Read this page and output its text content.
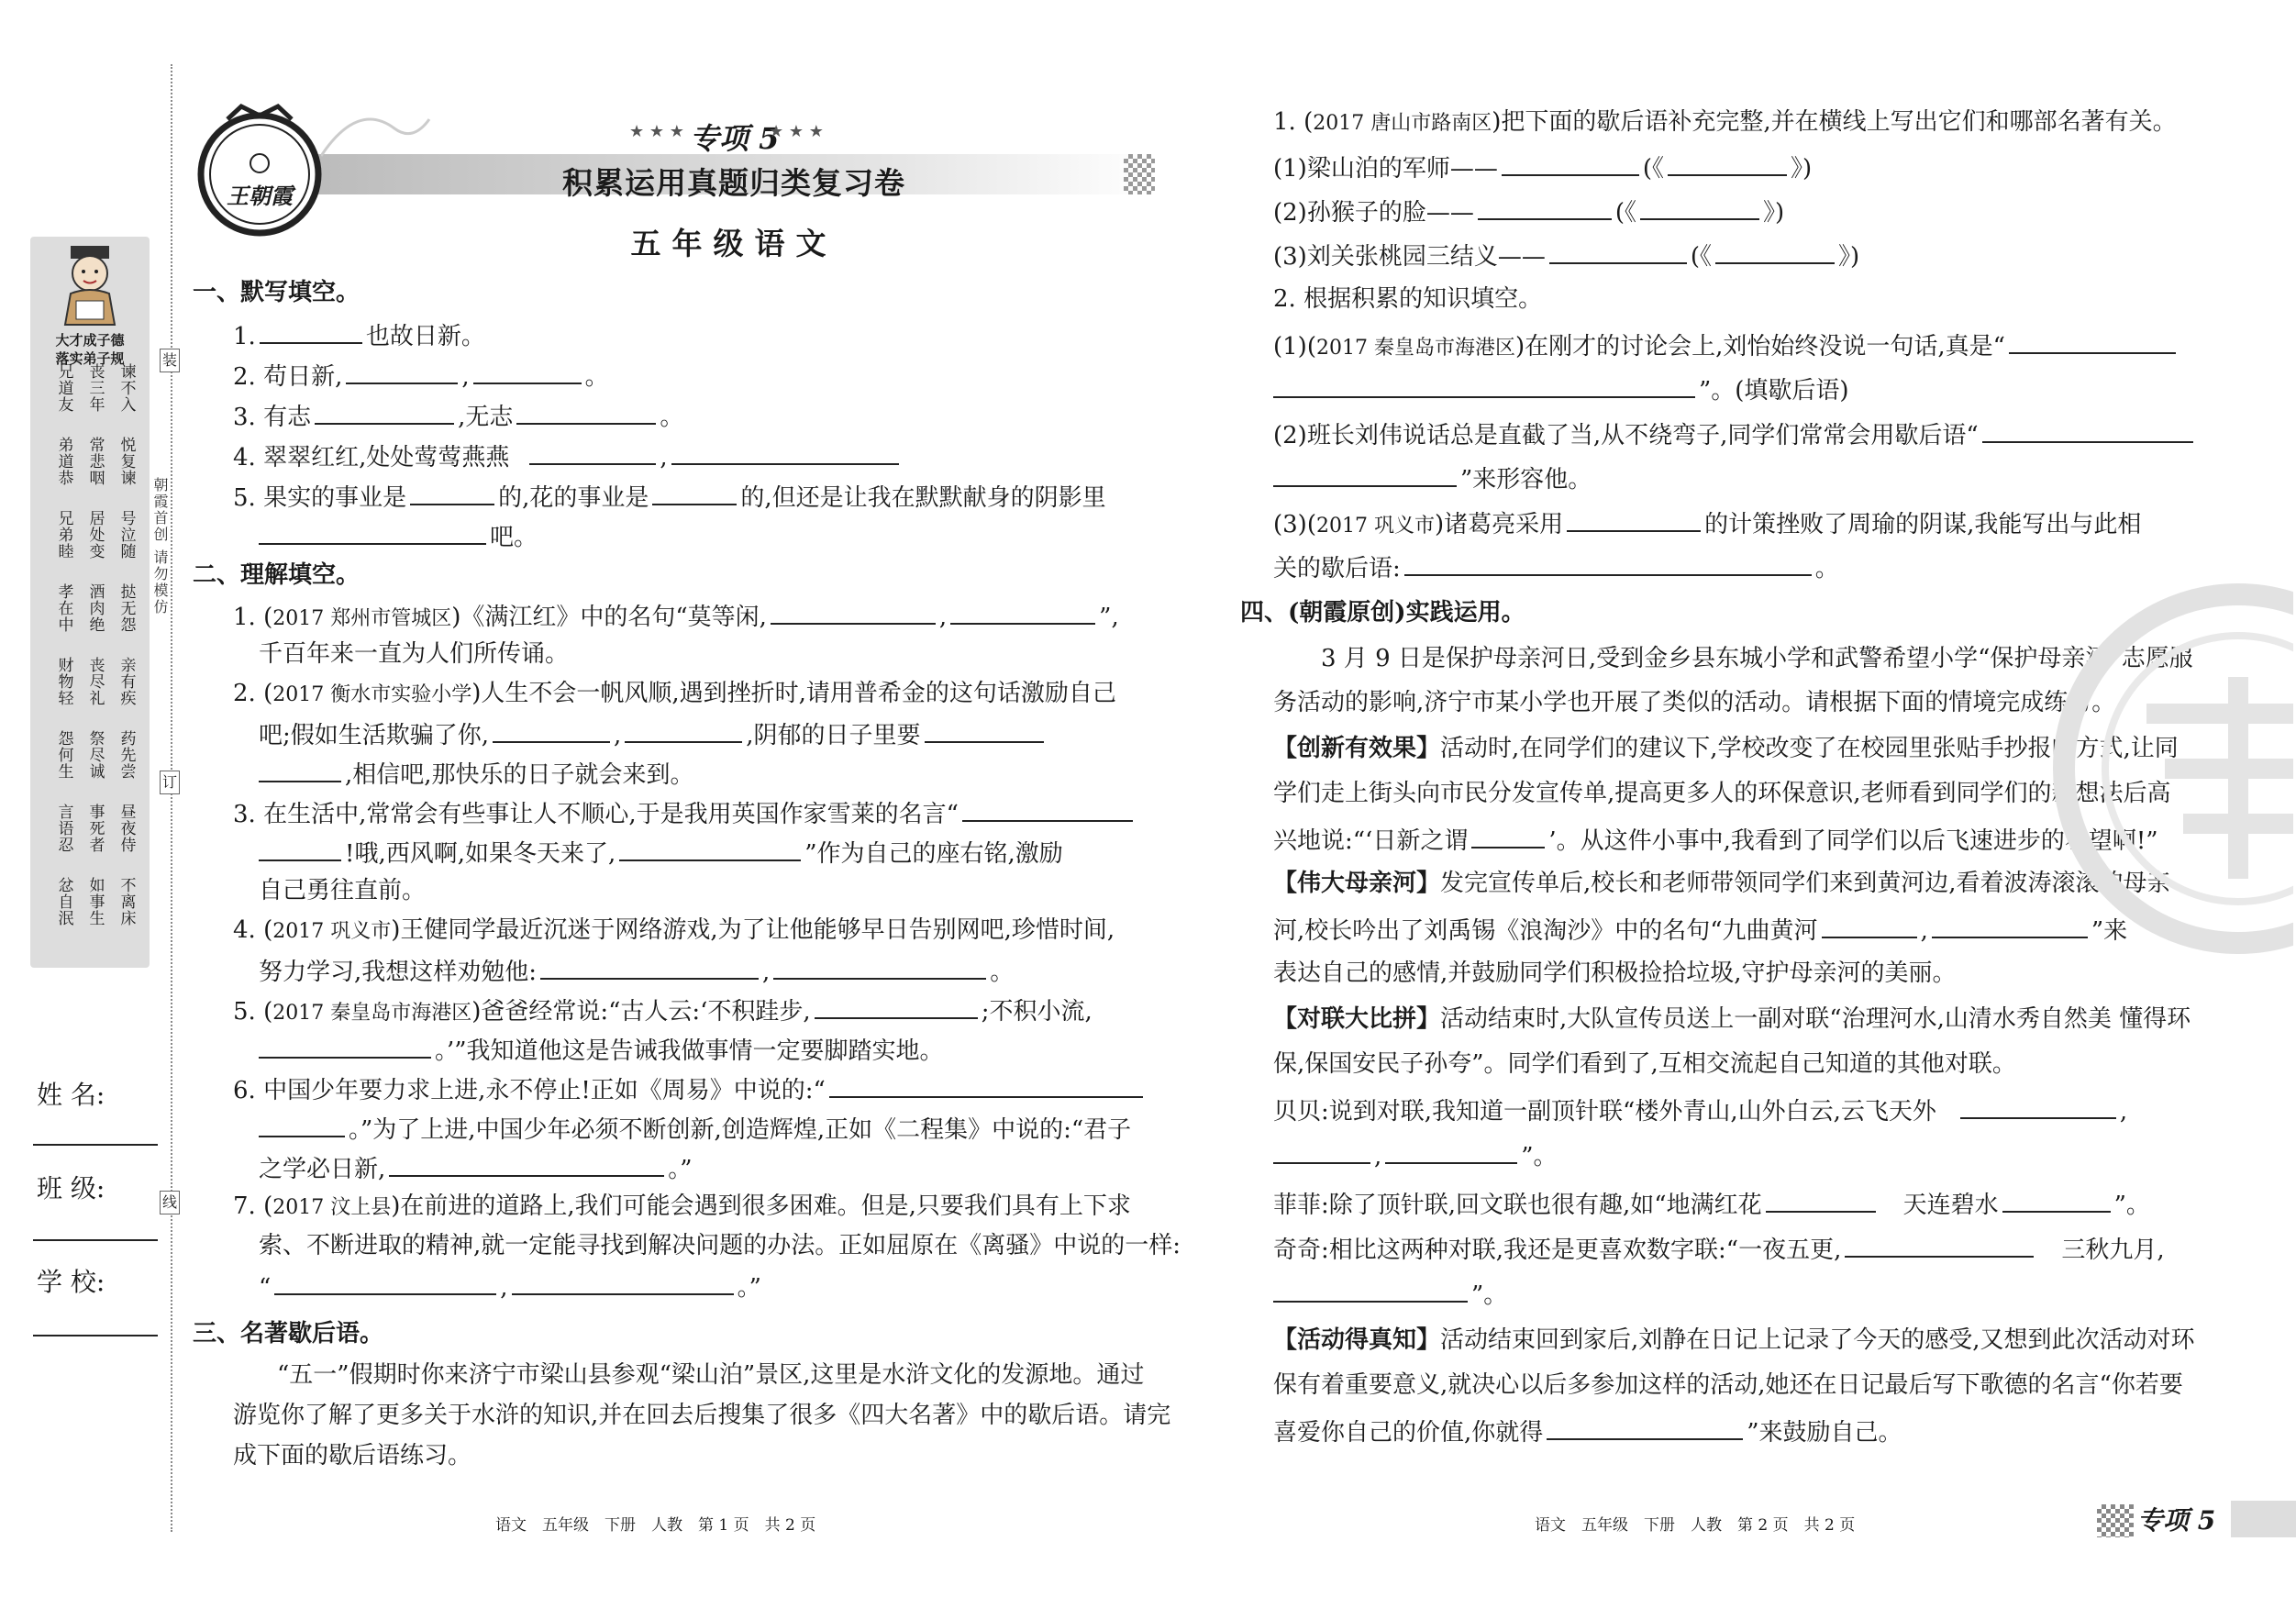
装
订
线
朝霞首创 请勿模仿
大才成子德
落实弟子规
兄
道
友
丧
三
年
谏
不
入
弟
道
恭
常
悲
咽
悦
复
谏
兄
弟
睦
居
处
变
号
泣
随
孝
在
中
酒
肉
绝
挞
无
怨
财
物
轻
丧
尽
礼
亲
有
疾
怨
何
生
祭
尽
诚
药
先
尝
言
语
忍
事
死
者
昼
夜
侍
忿
自
泯
如
事
生
不
离
床
姓 名:
班 级:
学 校:
王朝霞
★ ★ ★ 专项 5
★ ★ ★
积累运用真题归类复习卷
五年级语文
一、默写填空。
1.	也故日新。
2. 苟日新,	,	。
3. 有志	,无志	。
4. 翠翠红红,处处莺莺燕燕	,
5. 果实的事业是	的,花的事业是	的,但还是让我在默默献身的阴影里
吧。
二、理解填空。
1. (2017 郑州市管城区)《满江红》中的名句“莫等闲,	,	”,
千百年来一直为人们所传诵。
2. (2017 衡水市实验小学)人生不会一帆风顺,遇到挫折时,请用普希金的这句话激励自己
吧;假如生活欺骗了你,	,	,阴郁的日子里要
,相信吧,那快乐的日子就会来到。
3. 在生活中,常常会有些事让人不顺心,于是我用英国作家雪莱的名言“
!哦,西风啊,如果冬天来了,	”作为自己的座右铭,激励
自己勇往直前。
4. (2017 巩义市)王健同学最近沉迷于网络游戏,为了让他能够早日告别网吧,珍惜时间,
努力学习,我想这样劝勉他:	,	。
5. (2017 秦皇岛市海港区)爸爸经常说:“古人云:‘不积跬步,	;不积小流,
。’”我知道他这是告诫我做事情一定要脚踏实地。
6. 中国少年要力求上进,永不停止!正如《周易》中说的:“
。”为了上进,中国少年必须不断创新,创造辉煌,正如《二程集》中说的:“君子
之学必日新,	。”
7. (2017 汶上县)在前进的道路上,我们可能会遇到很多困难。但是,只要我们具有上下求
索、不断进取的精神,就一定能寻找到解决问题的办法。正如屈原在《离骚》中说的一样:
“	,	。”
三、名著歇后语。
“五一”假期时你来济宁市梁山县参观“梁山泊”景区,这里是水浒文化的发源地。通过
游览你了解了更多关于水浒的知识,并在回去后搜集了很多《四大名著》中的歇后语。请完
成下面的歇后语练习。
语文　五年级　下册　人教　第 1 页　共 2 页
1. (2017 唐山市路南区)把下面的歇后语补充完整,并在横线上写出它们和哪部名著有关。
(1)梁山泊的军师——	(《	》)
(2)孙猴子的脸——	(《	》)
(3)刘关张桃园三结义——	(《	》)
2. 根据积累的知识填空。
(1)(2017 秦皇岛市海港区)在刚才的讨论会上,刘怡始终没说一句话,真是“
”。(填歇后语)
(2)班长刘伟说话总是直截了当,从不绕弯子,同学们常常会用歇后语“
”来形容他。
(3)(2017 巩义市)诸葛亮采用	的计策挫败了周瑜的阴谋,我能写出与此相
关的歇后语:	。
四、(朝霞原创)实践运用。
3 月 9 日是保护母亲河日,受到金乡县东城小学和武警希望小学“保护母亲河”志愿服
务活动的影响,济宁市某小学也开展了类似的活动。请根据下面的情境完成练习。
【创新有效果】活动时,在同学们的建议下,学校改变了在校园里张贴手抄报的方式,让同
学们走上街头向市民分发宣传单,提高更多人的环保意识,老师看到同学们的新想法后高
兴地说:“‘日新之谓	’。从这件小事中,我看到了同学们以后飞速进步的希望啊!”
【伟大母亲河】发完宣传单后,校长和老师带领同学们来到黄河边,看着波涛滚滚的母亲
河,校长吟出了刘禹锡《浪淘沙》中的名句“九曲黄河	,	”来
表达自己的感情,并鼓励同学们积极捡拾垃圾,守护母亲河的美丽。
【对联大比拼】活动结束时,大队宣传员送上一副对联“治理河水,山清水秀自然美 懂得环
保,保国安民子孙夸”。同学们看到了,互相交流起自己知道的其他对联。
贝贝:说到对联,我知道一副顶针联“楼外青山,山外白云,云飞天外	,
,	”。
菲菲:除了顶针联,回文联也很有趣,如“地满红花	天连碧水	”。
奇奇:相比这两种对联,我还是更喜欢数字联:“一夜五更,	三秋九月,
”。
【活动得真知】活动结束回到家后,刘静在日记上记录了今天的感受,又想到此次活动对环
保有着重要意义,就决心以后多参加这样的活动,她还在日记最后写下歌德的名言“你若要
喜爱你自己的价值,你就得	”来鼓励自己。
语文　五年级　下册　人教　第 2 页　共 2 页	专项 5
